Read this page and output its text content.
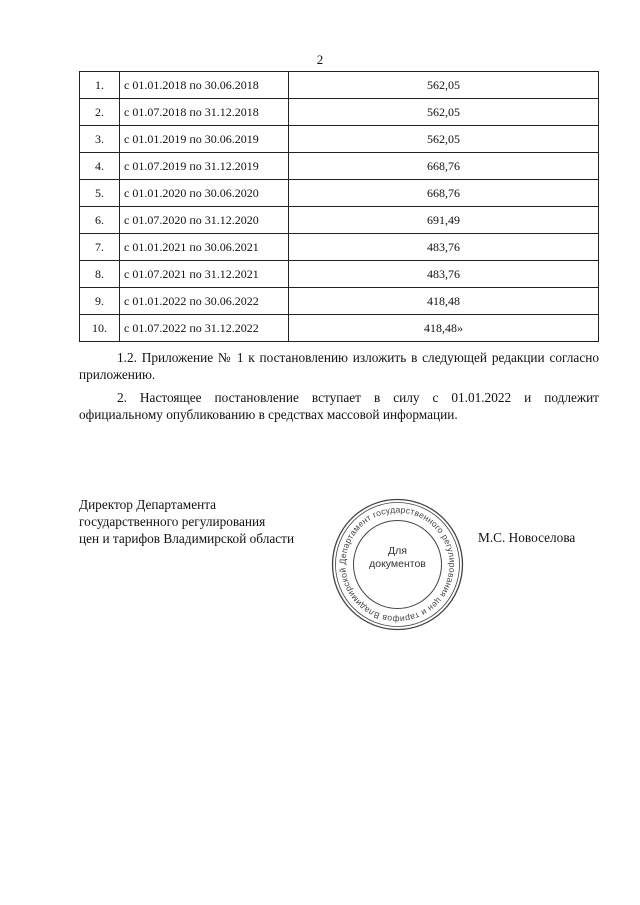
2
1.	с 01.01.2018 по 30.06.2018	562,05
2.	с 01.07.2018 по 31.12.2018	562,05
3.	с 01.01.2019 по 30.06.2019	562,05
4.	с 01.07.2019 по 31.12.2019	668,76
5.	с 01.01.2020 по 30.06.2020	668,76
6.	с 01.07.2020 по 31.12.2020	691,49
7.	с 01.01.2021 по 30.06.2021	483,76
8.	с 01.07.2021 по 31.12.2021	483,76
9.	с 01.01.2022 по 30.06.2022	418,48
10.	с 01.07.2022 по 31.12.2022	418,48»
1.2. Приложение № 1 к постановлению изложить в следующей редакции согласно приложению.
2. Настоящее постановление вступает в силу с 01.01.2022 и подлежит официальному опубликованию в средствах массовой информации.
Директор Департамента
государственного регулирования
цен и тарифов Владимирской области	М.С. Новоселова
Департамент государственного регулирования цен и тарифов Владимирской
Для
документов
